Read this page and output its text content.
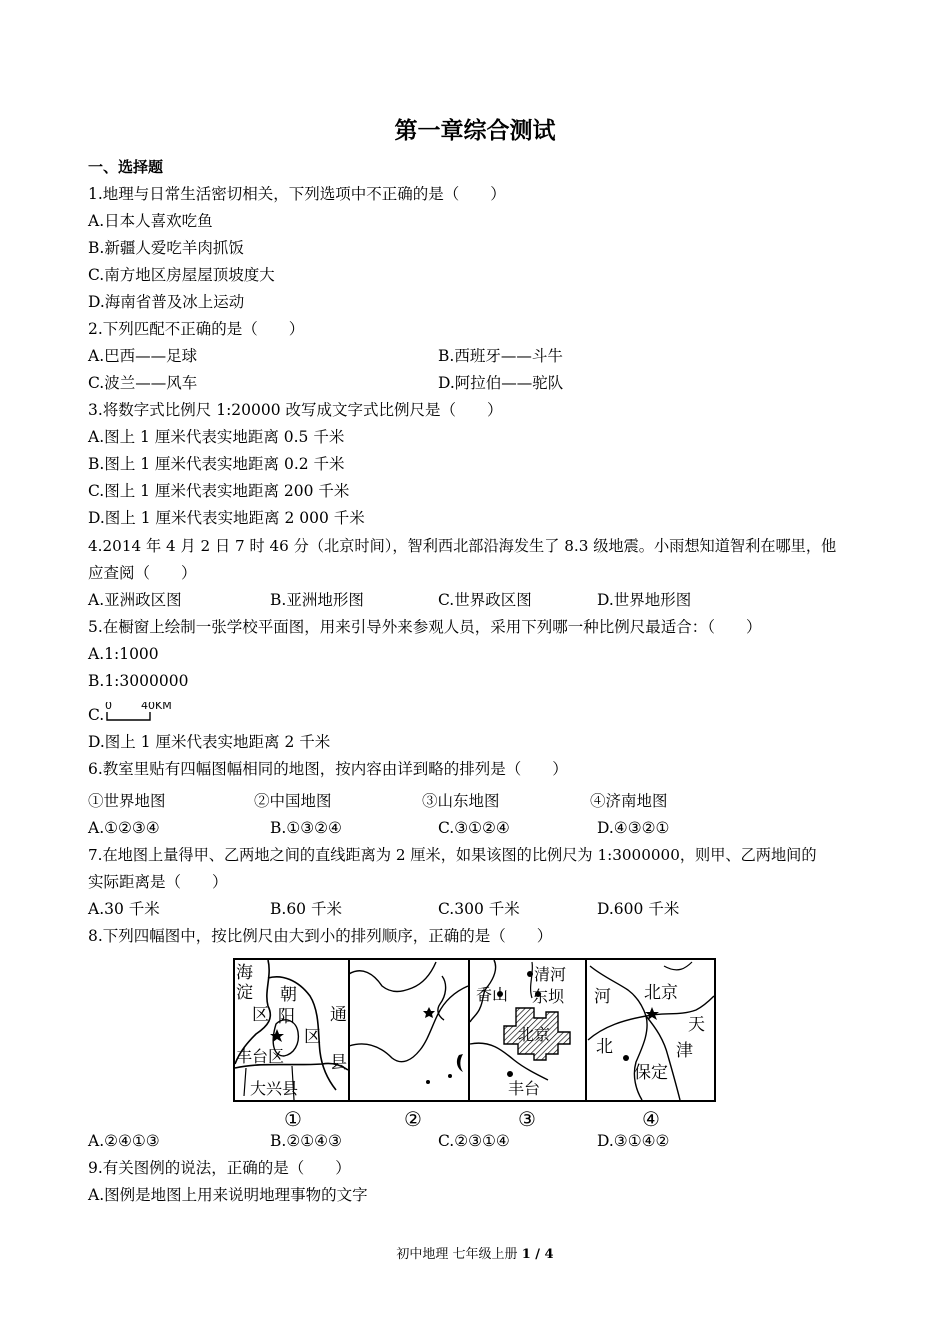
第一章综合测试
一、选择题
1.地理与日常生活密切相关，下列选项中不正确的是（　　）
A.日本人喜欢吃鱼
B.新疆人爱吃羊肉抓饭
C.南方地区房屋屋顶坡度大
D.海南省普及冰上运动
2.下列匹配不正确的是（　　）
A.巴西——足球	B.西班牙——斗牛
C.波兰——风车	D.阿拉伯——驼队
3.将数字式比例尺 1:20000 改写成文字式比例尺是（　　）
A.图上 1 厘米代表实地距离 0.5 千米
B.图上 1 厘米代表实地距离 0.2 千米
C.图上 1 厘米代表实地距离 200 千米
D.图上 1 厘米代表实地距离 2 000 千米
4.2014 年 4 月 2 日 7 时 46 分（北京时间），智利西北部沿海发生了 8.3 级地震。小雨想知道智利在哪里，他
应查阅（　　）
A.亚洲政区图	B.亚洲地形图	C.世界政区图	D.世界地形图
5.在橱窗上绘制一张学校平面图，用来引导外来参观人员，采用下列哪一种比例尺最适合：（　　）
A.1:1000
B.1:3000000
C.
0	40KM
D.图上 1 厘米代表实地距离 2 千米
6.教室里贴有四幅图幅相同的地图，按内容由详到略的排列是（　　）
①世界地图	②中国地图	③山东地图	④济南地图
A.①②③④	B.①③②④	C.③①②④	D.④③②①
7.在地图上量得甲、乙两地之间的直线距离为 2 厘米，如果该图的比例尺为 1:3000000，则甲、乙两地间的
实际距离是（　　）
A.30 千米	B.60 千米	C.300 千米	D.600 千米
8.下列四幅图中，按比例尺由大到小的排列顺序，正确的是（　　）
海
淀
区
朝
阳
区
通
县
丰台区
大兴县
①	②
香山
清河
东坝
北京
丰台
③
河 北京
天
北	津
保定
④
A.②④①③	B.②①④③	C.②③①④	D.③①④②
9.有关图例的说法，正确的是（　　）
A.图例是地图上用来说明地理事物的文字
初中地理 七年级上册 1 / 4
